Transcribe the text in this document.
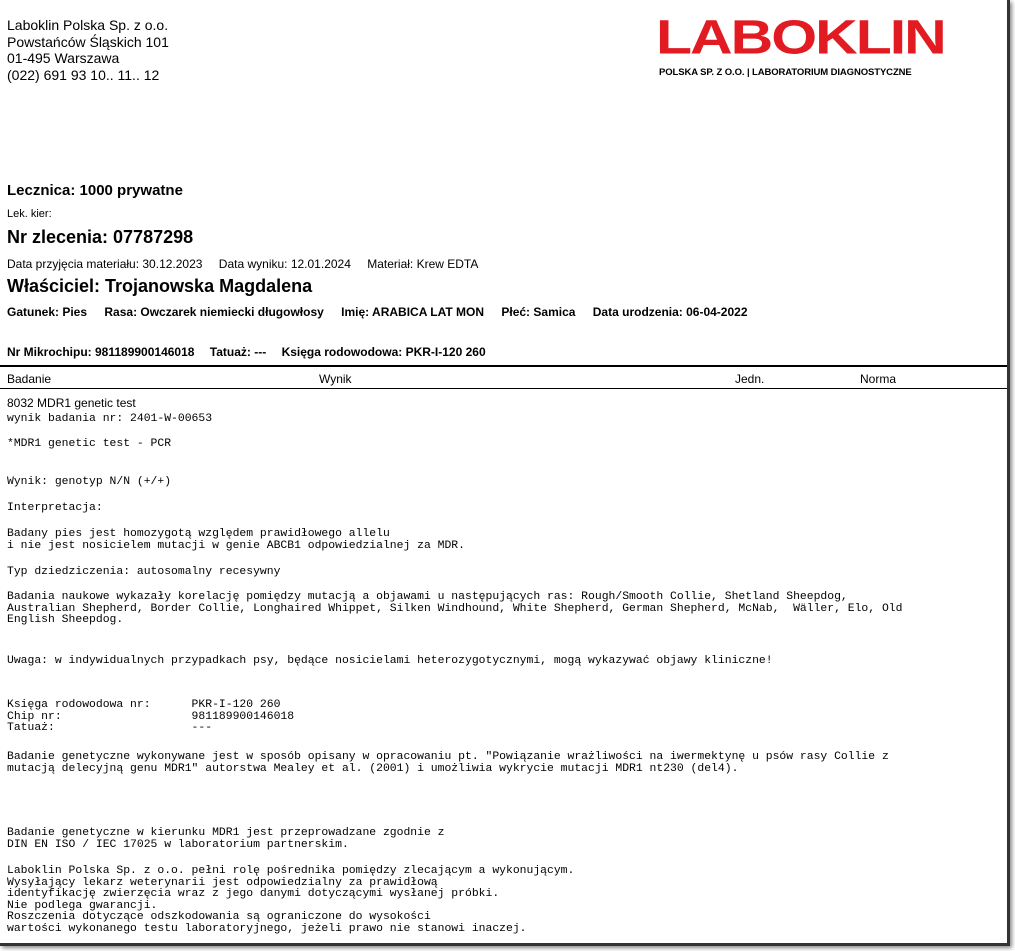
Laboklin Polska Sp. z o.o.
Powstańców Śląskich 101
01-495 Warszawa
(022) 691 93 10.. 11.. 12
LABOKLIN
POLSKA SP. Z O.O. | LABORATORIUM DIAGNOSTYCZNE
Lecznica: 1000 prywatne
Lek. kier:
Nr zlecenia: 07787298
Data przyjęcia materiału: 30.12.2023 Data wyniku: 12.01.2024 Materiał: Krew EDTA
Właściciel: Trojanowska Magdalena
Gatunek: Pies Rasa: Owczarek niemiecki długowłosy Imię: ARABICA LAT MON Płeć: Samica Data urodzenia: 06-04-2022
Nr Mikrochipu: 981189900146018 Tatuaż: --- Księga rodowodowa: PKR-I-120 260
Badanie	Wynik	Jedn.	Norma
8032 MDR1 genetic test
wynik badania nr: 2401-W-00653
*MDR1 genetic test - PCR
Wynik: genotyp N/N (+/+)
Interpretacja:
Badany pies jest homozygotą względem prawidłowego allelu
i nie jest nosicielem mutacji w genie ABCB1 odpowiedzialnej za MDR.
Typ dziedziczenia: autosomalny recesywny
Badania naukowe wykazały korelację pomiędzy mutacją a objawami u następujących ras: Rough/Smooth Collie, Shetland Sheepdog,
Australian Shepherd, Border Collie, Longhaired Whippet, Silken Windhound, White Shepherd, German Shepherd, McNab,  Wäller, Elo, Old
English Sheepdog.
Uwaga: w indywidualnych przypadkach psy, będące nosicielami heterozygotycznymi, mogą wykazywać objawy kliniczne!
Księga rodowodowa nr:      PKR-I-120 260
Chip nr:                   981189900146018
Tatuaż:                    ---
Badanie genetyczne wykonywane jest w sposób opisany w opracowaniu pt. "Powiązanie wrażliwości na iwermektynę u psów rasy Collie z
mutacją delecyjną genu MDR1" autorstwa Mealey et al. (2001) i umożliwia wykrycie mutacji MDR1 nt230 (del4).
Badanie genetyczne w kierunku MDR1 jest przeprowadzane zgodnie z
DIN EN ISO / IEC 17025 w laboratorium partnerskim.
Laboklin Polska Sp. z o.o. pełni rolę pośrednika pomiędzy zlecającym a wykonującym.
Wysyłający lekarz weterynarii jest odpowiedzialny za prawidłową
identyfikację zwierzęcia wraz z jego danymi dotyczącymi wysłanej próbki.
Nie podlega gwarancji.
Roszczenia dotyczące odszkodowania są ograniczone do wysokości
wartości wykonanego testu laboratoryjnego, jeżeli prawo nie stanowi inaczej.
